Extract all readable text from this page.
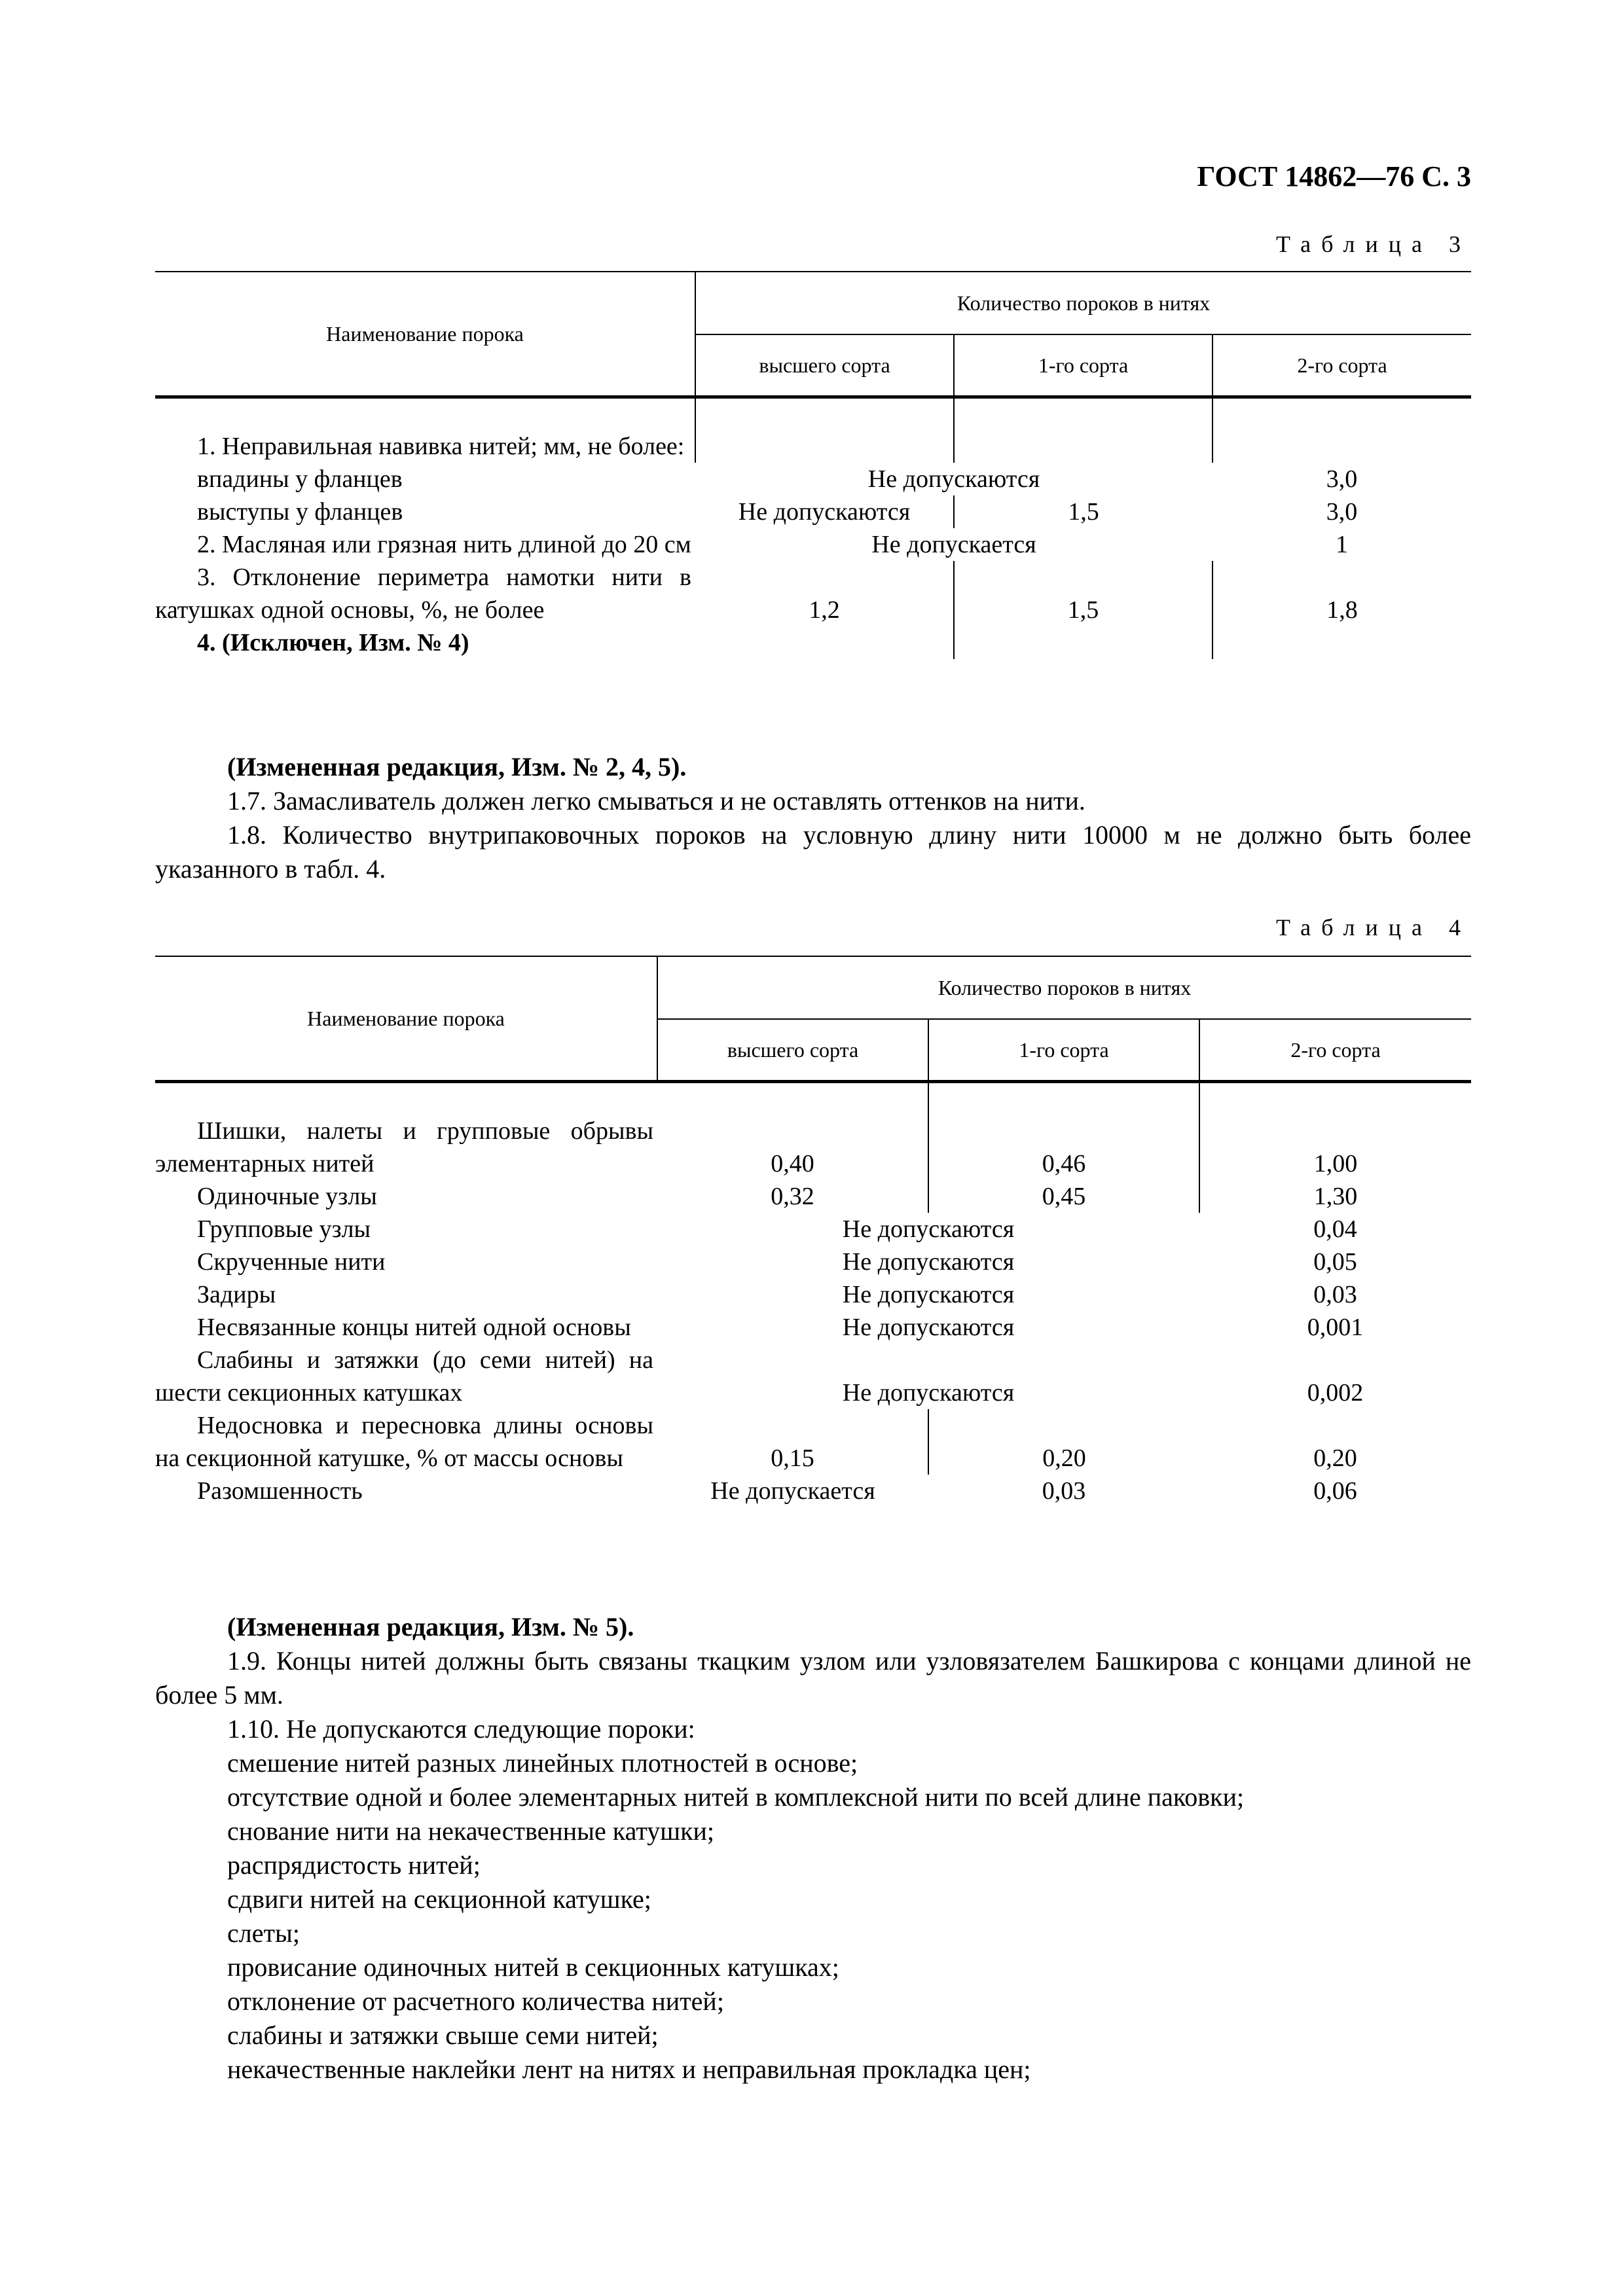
ГОСТ 14862—76 С. 3
Таблица 3
Наименование порока	Количество пороков в нитях		
	высшего сорта	1-го сорта	2-го сорта

1. Неправильная навивка нитей; мм, не более:			
впадины у фланцев	Не допускаются		3,0
выступы у фланцев	Не допускаются	1,5	3,0
2. Масляная или грязная нить длиной до 20 см	Не допускается		1
3. Отклонение периметра намотки нити в катушках одной основы, %, не более	1,2	1,5	1,8
4. (Исключен, Изм. № 4)			
(Измененная редакция, Изм. № 2, 4, 5).
1.7. Замасливатель должен легко смываться и не оставлять оттенков на нити.
1.8. Количество внутрипаковочных пороков на условную длину нити 10000 м не должно быть более указанного в табл. 4.
Таблица 4
Наименование порока	Количество пороков в нитях		
	высшего сорта	1-го сорта	2-го сорта

Шишки, налеты и групповые обрывы элементарных нитей	0,40	0,46	1,00
Одиночные узлы	0,32	0,45	1,30
Групповые узлы	Не допускаются		0,04
Скрученные нити	Не допускаются		0,05
Задиры	Не допускаются		0,03
Несвязанные концы нитей одной основы	Не допускаются		0,001
Слабины и затяжки (до семи нитей) на шести секционных катушках	Не допускаются		0,002
Недосновка и пересновка длины основы на секционной катушке, % от массы основы	0,15	0,20	0,20
Разомшенность	Не допускается	0,03	0,06
(Измененная редакция, Изм. № 5).
1.9. Концы нитей должны быть связаны ткацким узлом или узловязателем Башкирова с концами длиной не более 5 мм.
1.10. Не допускаются следующие пороки:
смешение нитей разных линейных плотностей в основе;
отсутствие одной и более элементарных нитей в комплексной нити по всей длине паковки;
снование нити на некачественные катушки;
распрядистость нитей;
сдвиги нитей на секционной катушке;
слеты;
провисание одиночных нитей в секционных катушках;
отклонение от расчетного количества нитей;
слабины и затяжки свыше семи нитей;
некачественные наклейки лент на нитях и неправильная прокладка цен;
